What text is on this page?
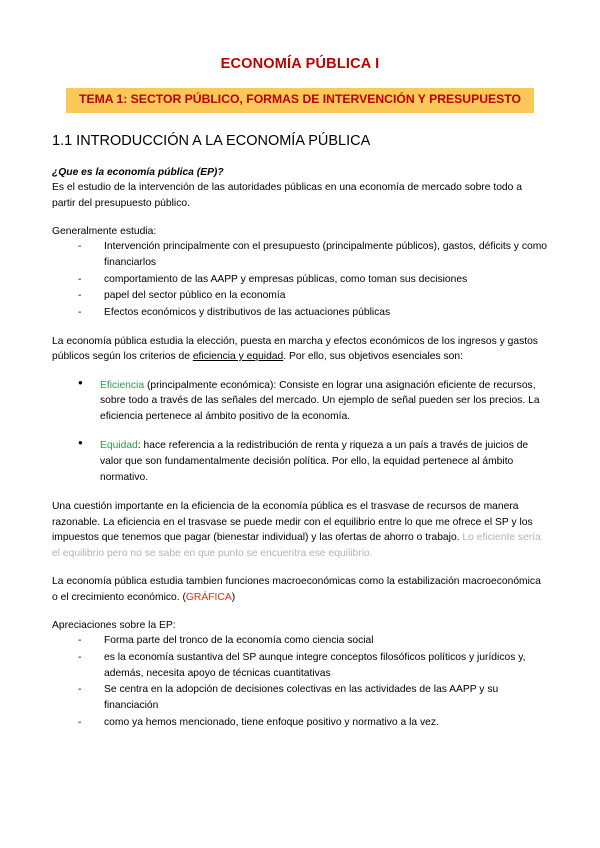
ECONOMÍA PÚBLICA I
TEMA 1: SECTOR PÚBLICO, FORMAS DE INTERVENCIÓN Y PRESUPUESTO
1.1 INTRODUCCIÓN A LA ECONOMÍA PÚBLICA

¿Que es la economía pública (EP)?

Es el estudio de la intervención de las autoridades públicas en una economía de mercado sobre todo a partir del presupuesto público.

Generalmente estudia:

- Intervención principalmente con el presupuesto (principalmente públicos), gastos, déficits y como financiarlos
- comportamiento de las AAPP y empresas públicas, como toman sus decisiones
- papel del sector público en la economía
- Efectos económicos y distributivos de las actuaciones públicas

La economía pública estudia la elección, puesta en marcha y efectos económicos de los ingresos y gastos públicos según los criterios de eficiencia y equidad. Por ello, sus objetivos esenciales son:

● Eficiencia (principalmente económica): Consiste en lograr una asignación eficiente de recursos, sobre todo a través de las señales del mercado. Un ejemplo de señal pueden ser los precios. La eficiencia pertenece al ámbito positivo de la economía.
● Equidad: hace referencia a la redistribución de renta y riqueza a un país a través de juicios de valor que son fundamentalmente decisión política. Por ello, la equidad pertenece al ámbito normativo.

Una cuestión importante en la eficiencia de la economía pública es el trasvase de recursos de manera razonable. La eficiencia en el trasvase se puede medir con el equilibrio entre lo que me ofrece el SP y los impuestos que tenemos que pagar (bienestar individual) y las ofertas de ahorro o trabajo. Lo eficiente sería el equilibrio pero no se sabe en que punto se encuentra ese equilibrio.

La economía pública estudia tambien funciones macroeconómicas como la estabilización macroeconómica o el crecimiento económico. (GRÁFICA)

Apreciaciones sobre la EP:

- Forma parte del tronco de la economía como ciencia social
- es la economía sustantiva del SP aunque integre conceptos filosóficos políticos y jurídicos y, además, necesita apoyo de técnicas cuantitativas
- Se centra en la adopción de decisiones colectivas en las actividades de las AAPP y su financiación
- como ya hemos mencionado, tiene enfoque positivo y normativo a la vez.
